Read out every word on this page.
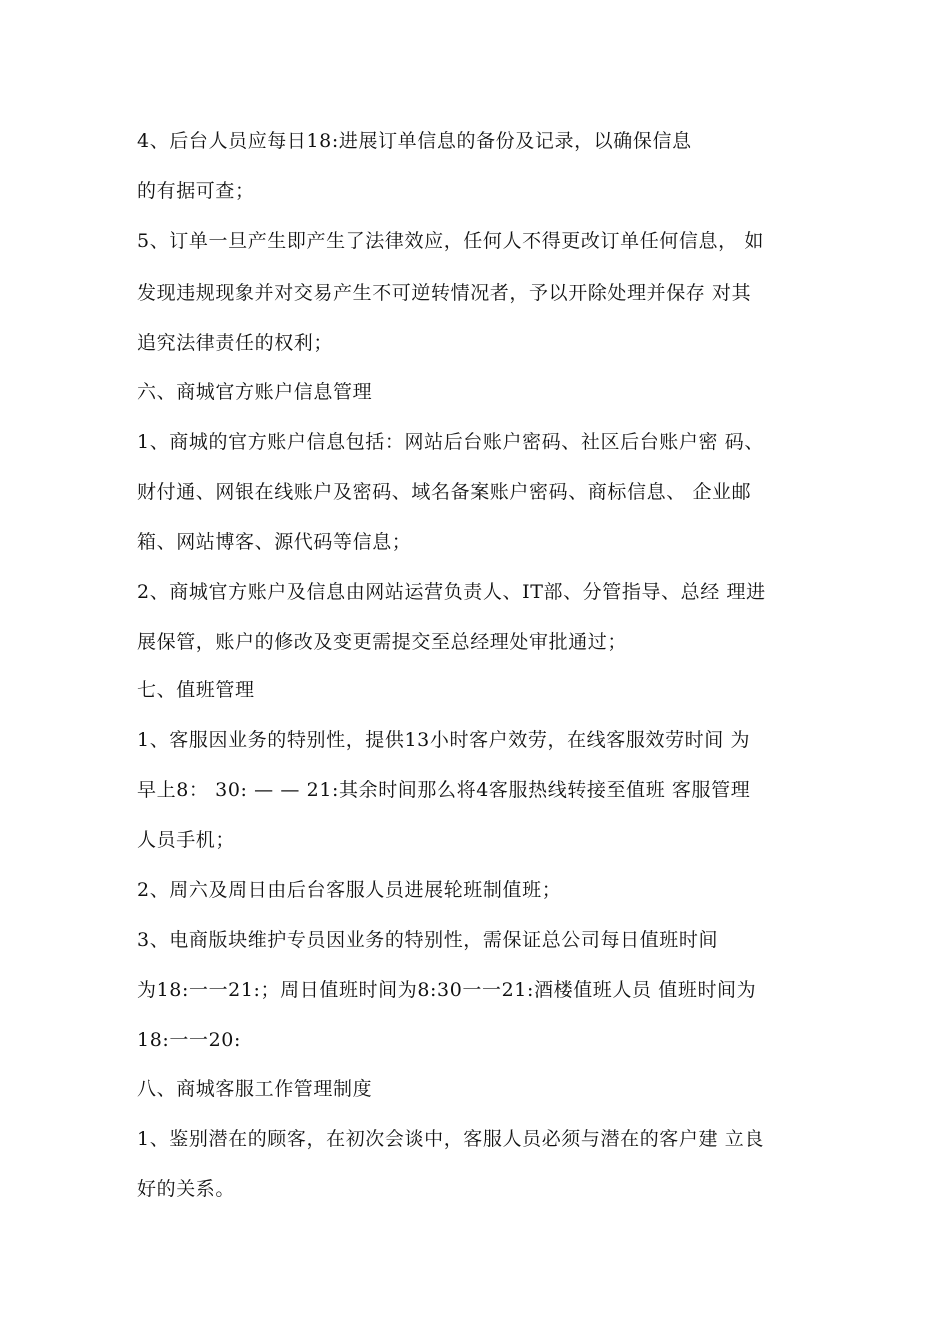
4、后台人员应每日18:进展订单信息的备份及记录，以确保信息
的有据可查；
5、订单一旦产生即产生了法律效应，任何人不得更改订单任何信息， 如
发现违规现象并对交易产生不可逆转情况者，予以开除处理并保存 对其
追究法律责任的权利；
六、商城官方账户信息管理
1、商城的官方账户信息包括：网站后台账户密码、社区后台账户密 码、
财付通、网银在线账户及密码、域名备案账户密码、商标信息、 企业邮
箱、网站博客、源代码等信息；
2、商城官方账户及信息由网站运营负责人、IT部、分管指导、总经 理进
展保管，账户的修改及变更需提交至总经理处审批通过；
七、值班管理
1、客服因业务的特别性，提供13小时客户效劳，在线客服效劳时间 为
早上8： 30: — — 21:其余时间那么将4客服热线转接至值班 客服管理
人员手机；
2、周六及周日由后台客服人员进展轮班制值班；
3、电商版块维护专员因业务的特别性，需保证总公司每日值班时间
为18:一一21:；周日值班时间为8:30一一21:酒楼值班人员 值班时间为
18:一一20:
八、商城客服工作管理制度
1、鉴别潜在的顾客，在初次会谈中，客服人员必须与潜在的客户建 立良
好的关系。
